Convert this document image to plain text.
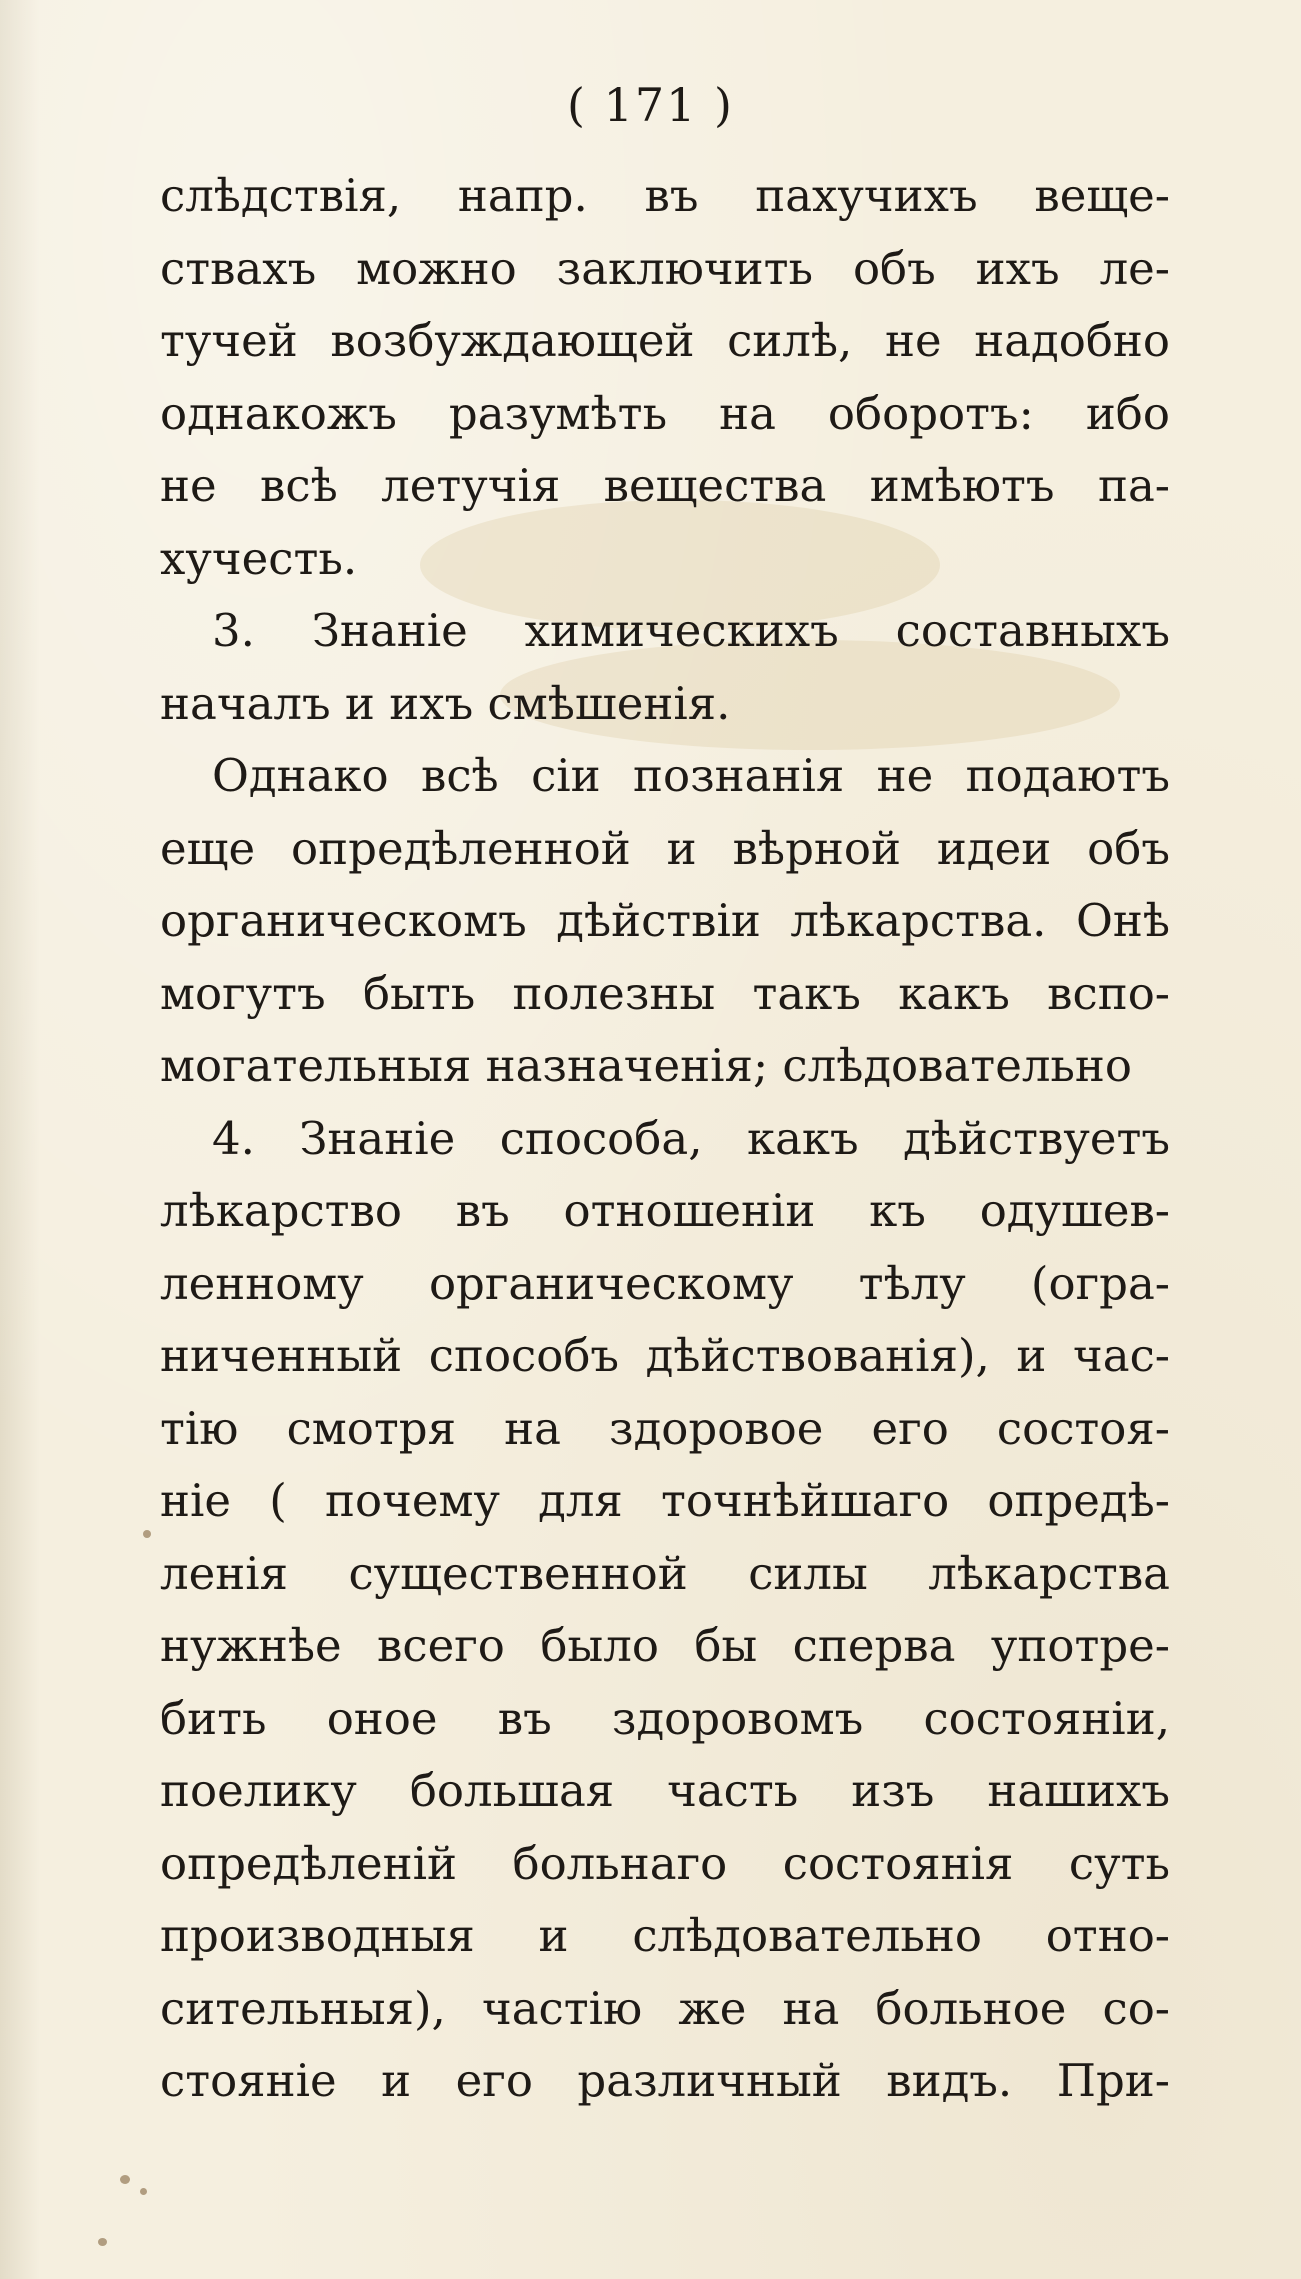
( 171 )
слѣдствія, напр. въ пахучихъ веще-
ствахъ можно заключить объ ихъ ле-
тучей возбуждающей силѣ, не надобно
однакожъ разумѣть на оборотъ: ибо
не всѣ летучія вещества имѣютъ па-
хучесть.
3. Знаніе химическихъ составныхъ
началъ и ихъ смѣшенія.
Однако всѣ сіи познанія не подаютъ
еще опредѣленной и вѣрной идеи объ
органическомъ дѣйствіи лѣкарства. Онѣ
могутъ быть полезны такъ какъ вспо-
могательныя назначенія; слѣдовательно
4. Знаніе способа, какъ дѣйствуетъ
лѣкарство въ отношеніи къ одушев-
ленному органическому тѣлу (огра-
ниченный способъ дѣйствованія), и час-
тію смотря на здоровое его состоя-
ніе ( почему для точнѣйшаго опредѣ-
ленія существенной силы лѣкарства
нужнѣе всего было бы сперва употре-
бить оное въ здоровомъ состояніи,
поелику большая часть изъ нашихъ
опредѣленій больнаго состоянія суть
производныя и слѣдовательно отно-
сительныя), частію же на больное со-
стояніе и его различный видъ. При-
